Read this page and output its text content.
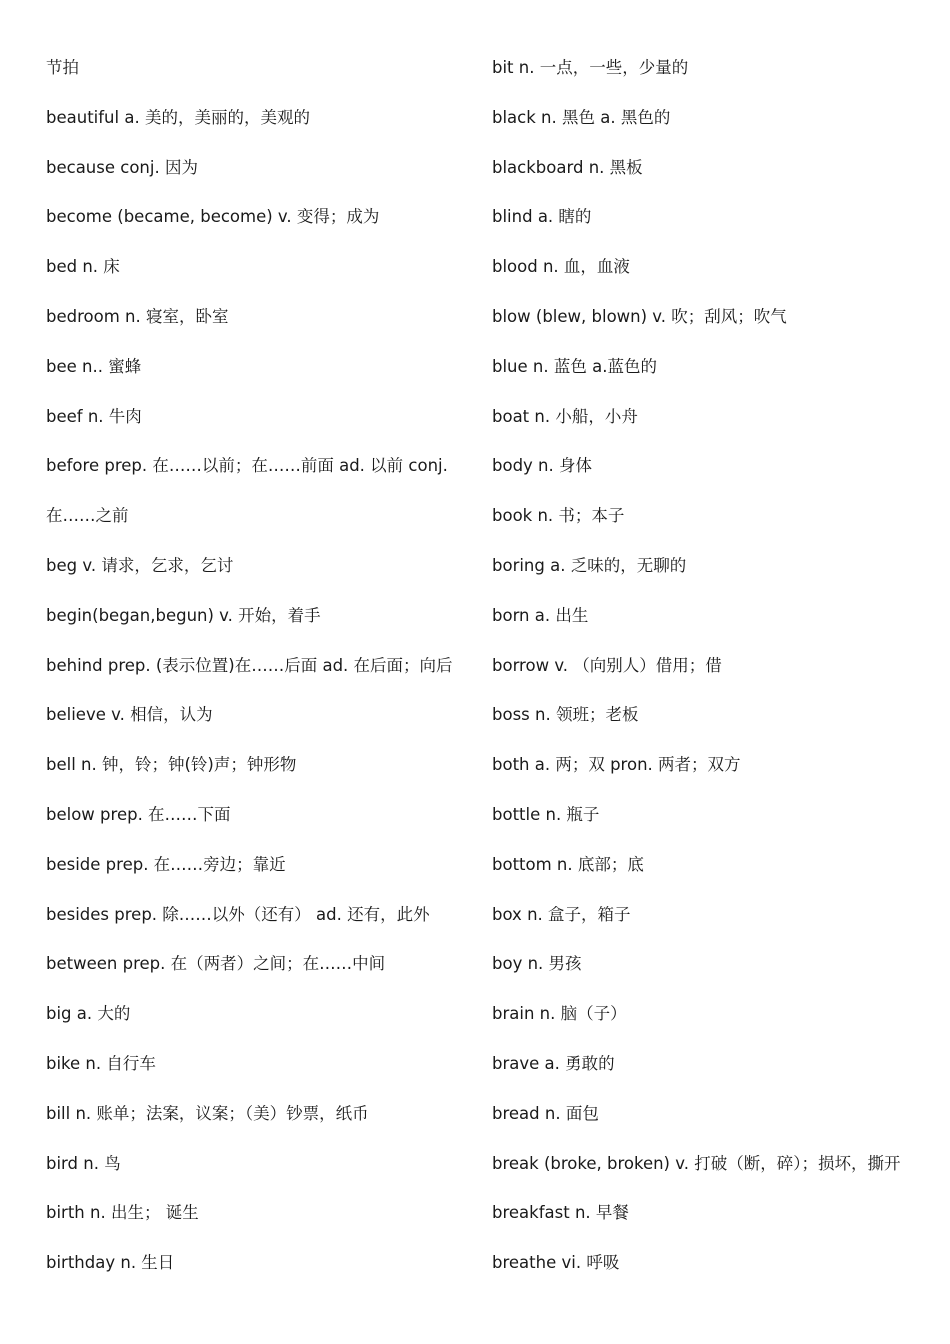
节拍
beautiful a. 美的，美丽的，美观的
because conj. 因为
become (became, become) v. 变得；成为
bed n. 床
bedroom n. 寝室，卧室
bee n.. 蜜蜂
beef n. 牛肉
before prep. 在……以前；在……前面 ad. 以前 conj.
在……之前
beg v. 请求，乞求，乞讨
begin(began,begun) v. 开始，着手
behind prep. (表示位置)在……后面 ad. 在后面；向后
believe v. 相信，认为
bell n. 钟，铃；钟(铃)声；钟形物
below prep. 在……下面
beside prep. 在……旁边；靠近
besides prep. 除……以外（还有） ad. 还有，此外
between prep. 在（两者）之间；在……中间
big a. 大的
bike n. 自行车
bill n. 账单；法案，议案；（美）钞票，纸币
bird n. 鸟
birth n. 出生； 诞生
birthday n. 生日
bit n. 一点，一些，少量的
black n. 黑色 a. 黑色的
blackboard n. 黑板
blind a. 瞎的
blood n. 血，血液
blow (blew, blown) v. 吹；刮风；吹气
blue n. 蓝色 a.蓝色的
boat n. 小船，小舟
body n. 身体
book n. 书；本子
boring a. 乏味的，无聊的
born a. 出生
borrow v. （向别人）借用；借
boss n. 领班；老板
both a. 两；双 pron. 两者；双方
bottle n. 瓶子
bottom n. 底部；底
box n. 盒子，箱子
boy n. 男孩
brain n. 脑（子）
brave a. 勇敢的
bread n. 面包
break (broke, broken) v. 打破（断，碎）；损坏，撕开
breakfast n. 早餐
breathe vi. 呼吸
